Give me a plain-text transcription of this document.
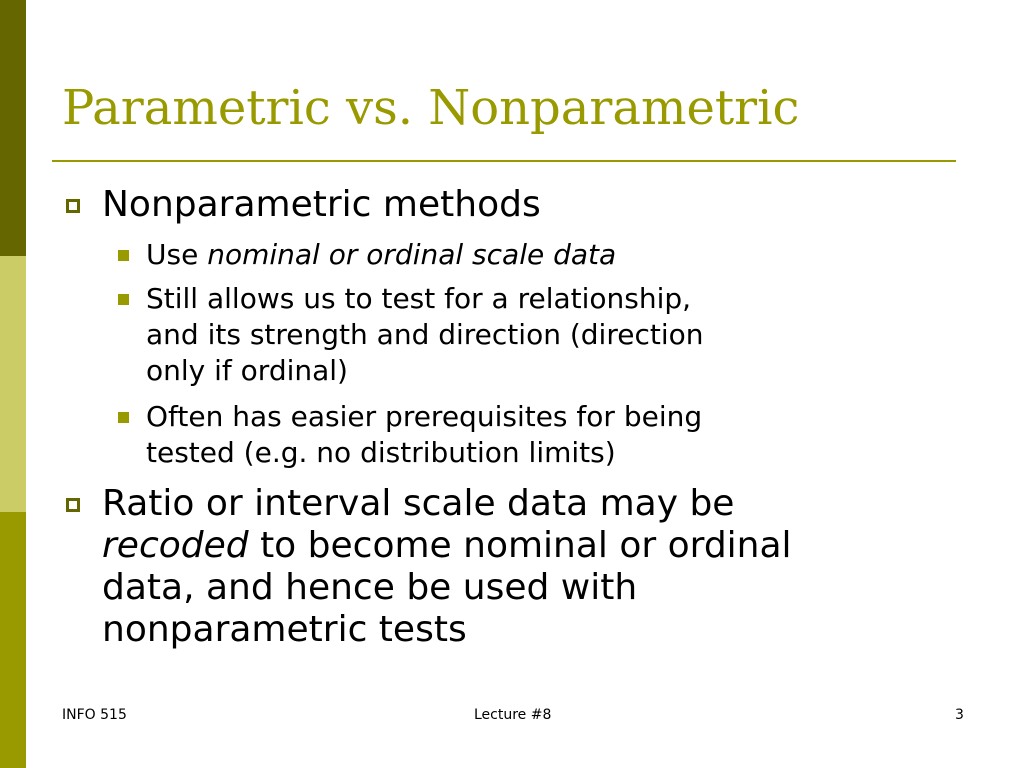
Parametric vs. Nonparametric

Nonparametric methods

Use nominal or ordinal scale data

Still allows us to test for a relationship,
and its strength and direction (direction
only if ordinal)

Often has easier prerequisites for being
tested (e.g. no distribution limits)

Ratio or interval scale data may be
recoded to become nominal or ordinal
data, and hence be used with
nonparametric tests

INFO 515	Lecture #8	3
